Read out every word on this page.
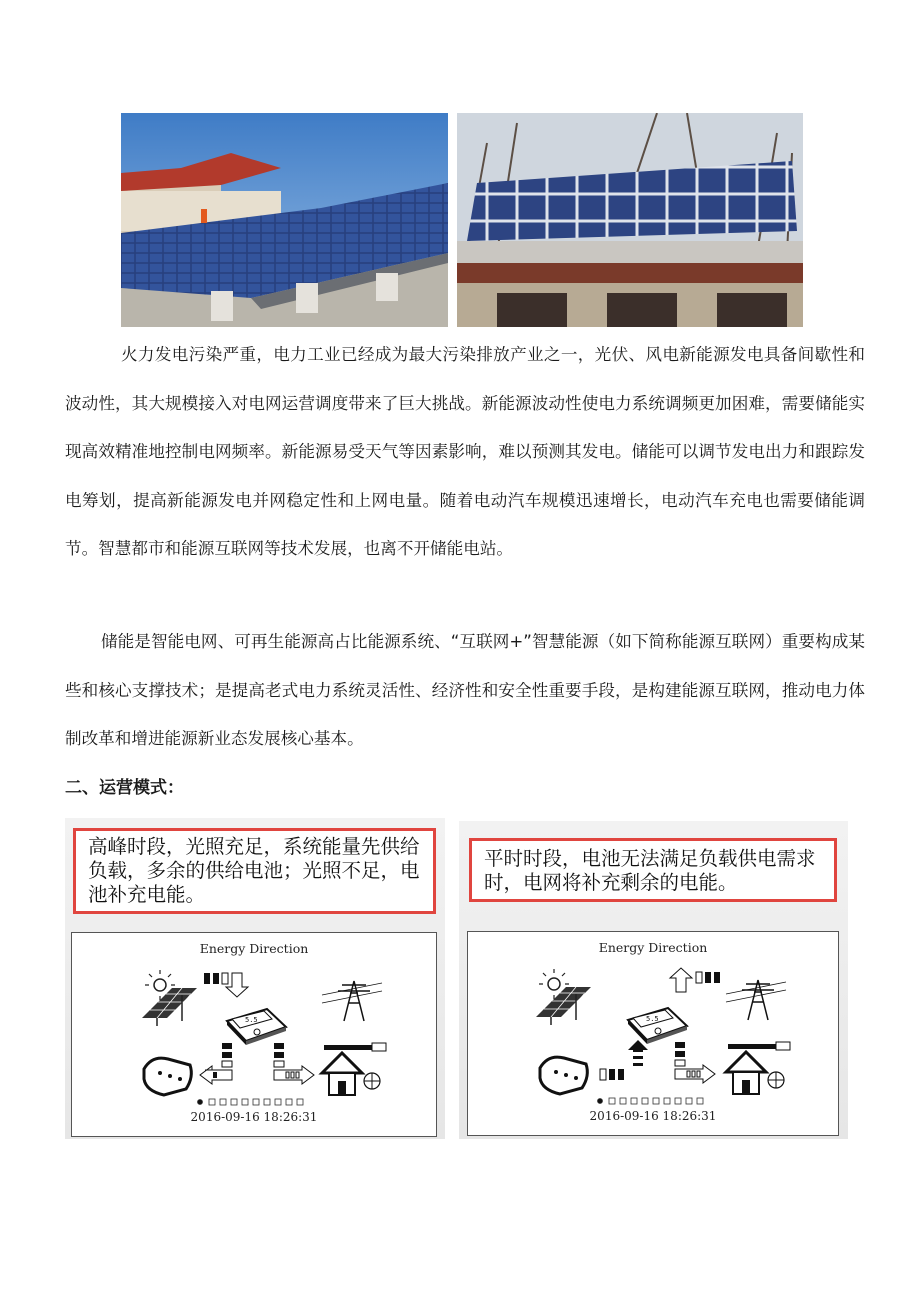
火力发电污染严重，电力工业已经成为最大污染排放产业之一，光伏、风电新能源发电具备间歇性和波动性，其大规模接入对电网运营调度带来了巨大挑战。新能源波动性使电力系统调频更加困难，需要储能实现高效精准地控制电网频率。新能源易受天气等因素影响，难以预测其发电。储能可以调节发电出力和跟踪发电筹划，提高新能源发电并网稳定性和上网电量。随着电动汽车规模迅速增长，电动汽车充电也需要储能调节。智慧都市和能源互联网等技术发展，也离不开储能电站。

储能是智能电网、可再生能源高占比能源系统、“互联网+”智慧能源（如下简称能源互联网）重要构成某些和核心支撑技术；是提高老式电力系统灵活性、经济性和安全性重要手段，是构建能源互联网，推动电力体制改革和增进能源新业态发展核心基本。

二、运营模式：
高峰时段，光照充足，系统能量先供给负载，多余的供给电池；光照不足，电池补充电能。
Energy Direction
5.5
2016-09-16 18:26:31
平时时段，电池无法满足负载供电需求时，电网将补充剩余的电能。
Energy Direction
5.5
2016-09-16 18:26:31
